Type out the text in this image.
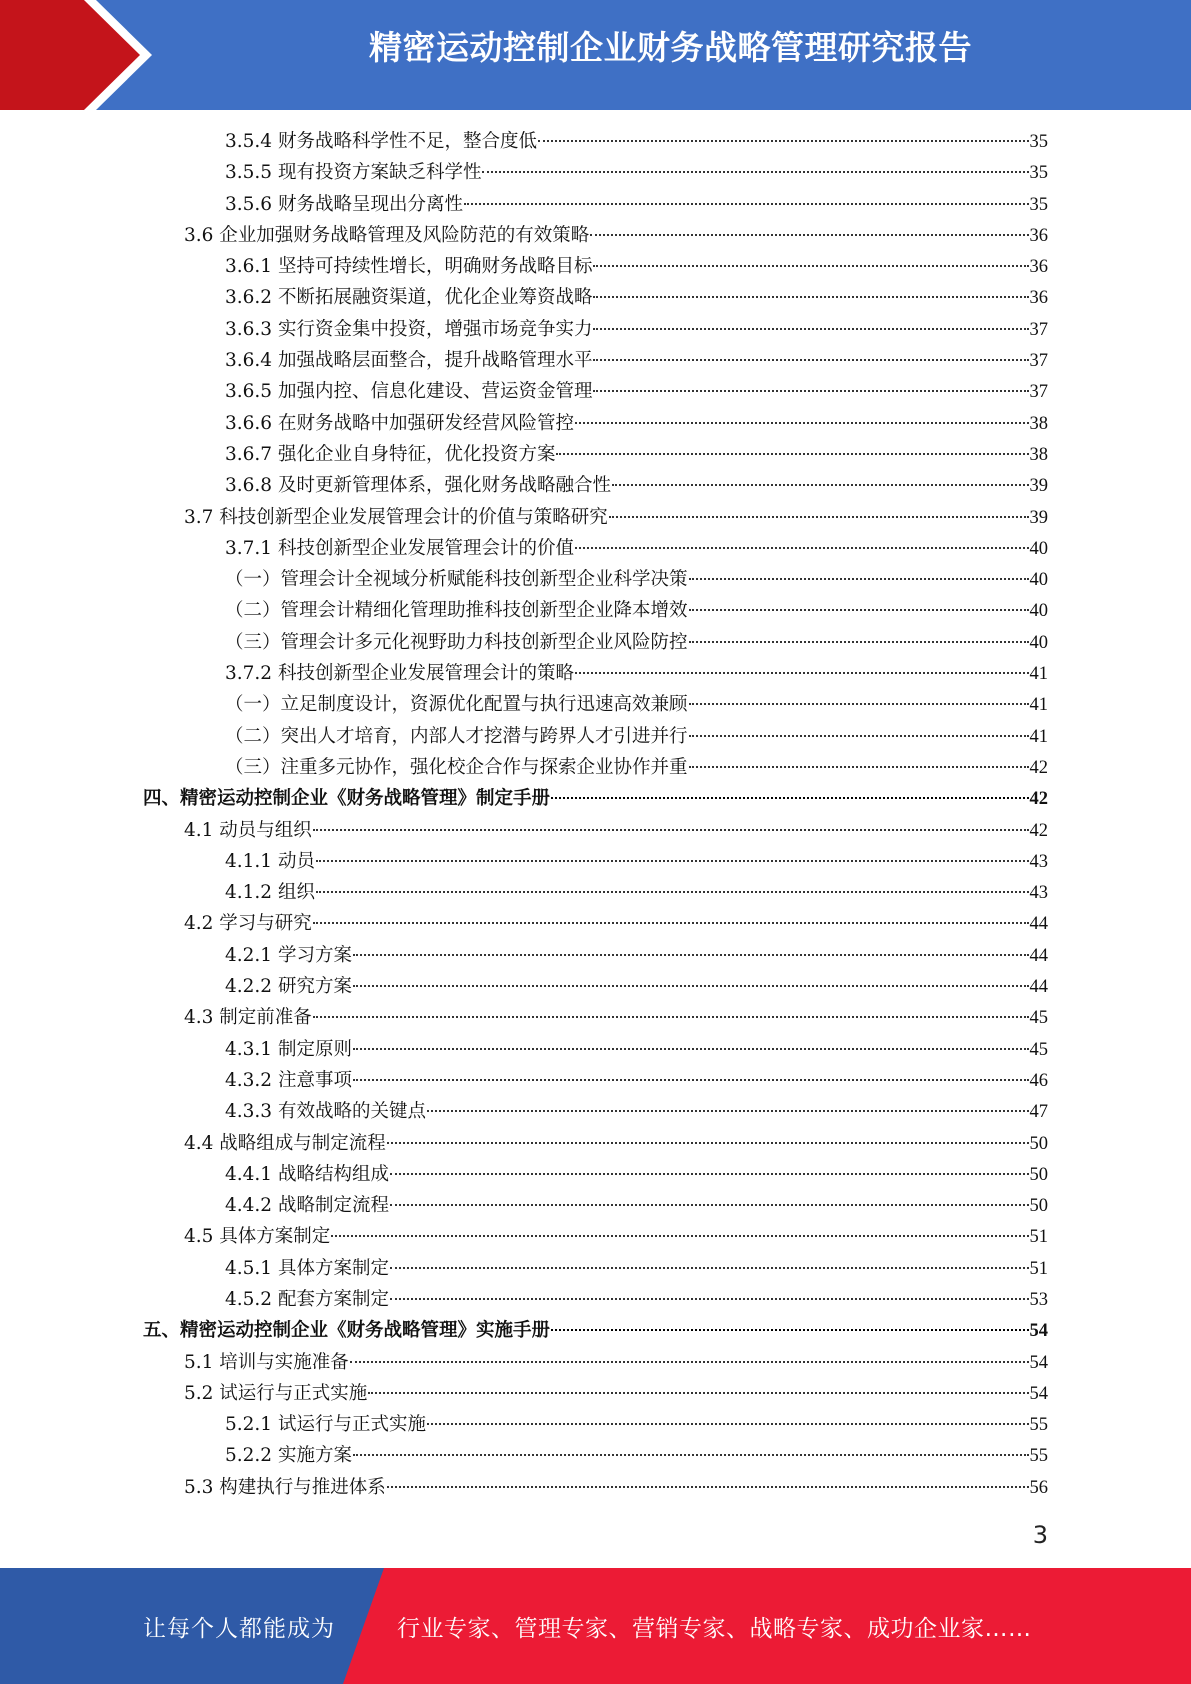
精密运动控制企业财务战略管理研究报告
3.5.4 财务战略科学性不足，整合度低	35
3.5.5 现有投资方案缺乏科学性	35
3.5.6 财务战略呈现出分离性	35
3.6 企业加强财务战略管理及风险防范的有效策略	36
3.6.1 坚持可持续性增长，明确财务战略目标	36
3.6.2 不断拓展融资渠道，优化企业筹资战略	36
3.6.3 实行资金集中投资，增强市场竞争实力	37
3.6.4 加强战略层面整合，提升战略管理水平	37
3.6.5 加强内控、信息化建设、营运资金管理	37
3.6.6 在财务战略中加强研发经营风险管控	38
3.6.7 强化企业自身特征，优化投资方案	38
3.6.8 及时更新管理体系，强化财务战略融合性	39
3.7 科技创新型企业发展管理会计的价值与策略研究	39
3.7.1 科技创新型企业发展管理会计的价值	40
（一）管理会计全视域分析赋能科技创新型企业科学决策	40
（二）管理会计精细化管理助推科技创新型企业降本增效	40
（三）管理会计多元化视野助力科技创新型企业风险防控	40
3.7.2 科技创新型企业发展管理会计的策略	41
（一）立足制度设计，资源优化配置与执行迅速高效兼顾	41
（二）突出人才培育，内部人才挖潜与跨界人才引进并行	41
（三）注重多元协作，强化校企合作与探索企业协作并重	42
四、精密运动控制企业《财务战略管理》制定手册	42
4.1 动员与组织	42
4.1.1 动员	43
4.1.2 组织	43
4.2 学习与研究	44
4.2.1 学习方案	44
4.2.2 研究方案	44
4.3 制定前准备	45
4.3.1 制定原则	45
4.3.2 注意事项	46
4.3.3 有效战略的关键点	47
4.4 战略组成与制定流程	50
4.4.1 战略结构组成	50
4.4.2 战略制定流程	50
4.5 具体方案制定	51
4.5.1 具体方案制定	51
4.5.2 配套方案制定	53
五、精密运动控制企业《财务战略管理》实施手册	54
5.1 培训与实施准备	54
5.2 试运行与正式实施	54
5.2.1 试运行与正式实施	55
5.2.2 实施方案	55
5.3 构建执行与推进体系	56
3
让每个人都能成为	行业专家、管理专家、营销专家、战略专家、成功企业家……
